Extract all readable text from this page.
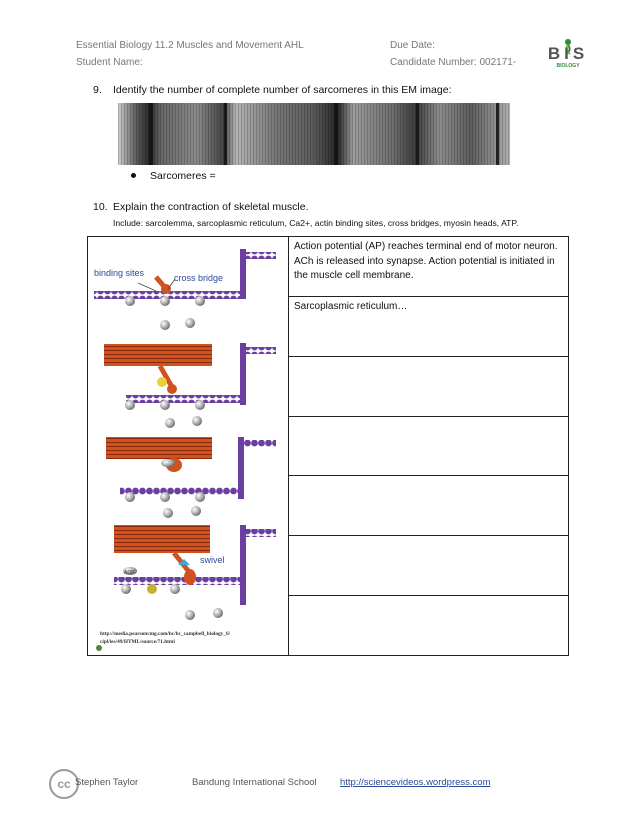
Essential Biology 11.2 Muscles and Movement AHL	Due Date:
Student Name:	Candidate Number: 002171- BIS
BIOLOGY
9. Identify the number of complete number of sarcomeres in this EM image:
Sarcomeres =
10. Explain the contraction of skeletal muscle.
Include: sarcolemma, sarcoplasmic reticulum, Ca2+, actin binding sites, cross bridges, myosin heads, ATP.
	Action potential (AP) reaches terminal end of motor neuron. ACh is released into synapse. Action potential is initiated in the muscle cell membrane.
Sarcoplasmic reticulum…

binding sites	cross bridge
swivel
ADP
http://media.pearsoncmg.com/bc/bc_campbell_biology_6/
cipl/ies/49/HTML/source/71.html
cc Stephen Taylor	Bandung International School http://sciencevideos.wordpress.com
